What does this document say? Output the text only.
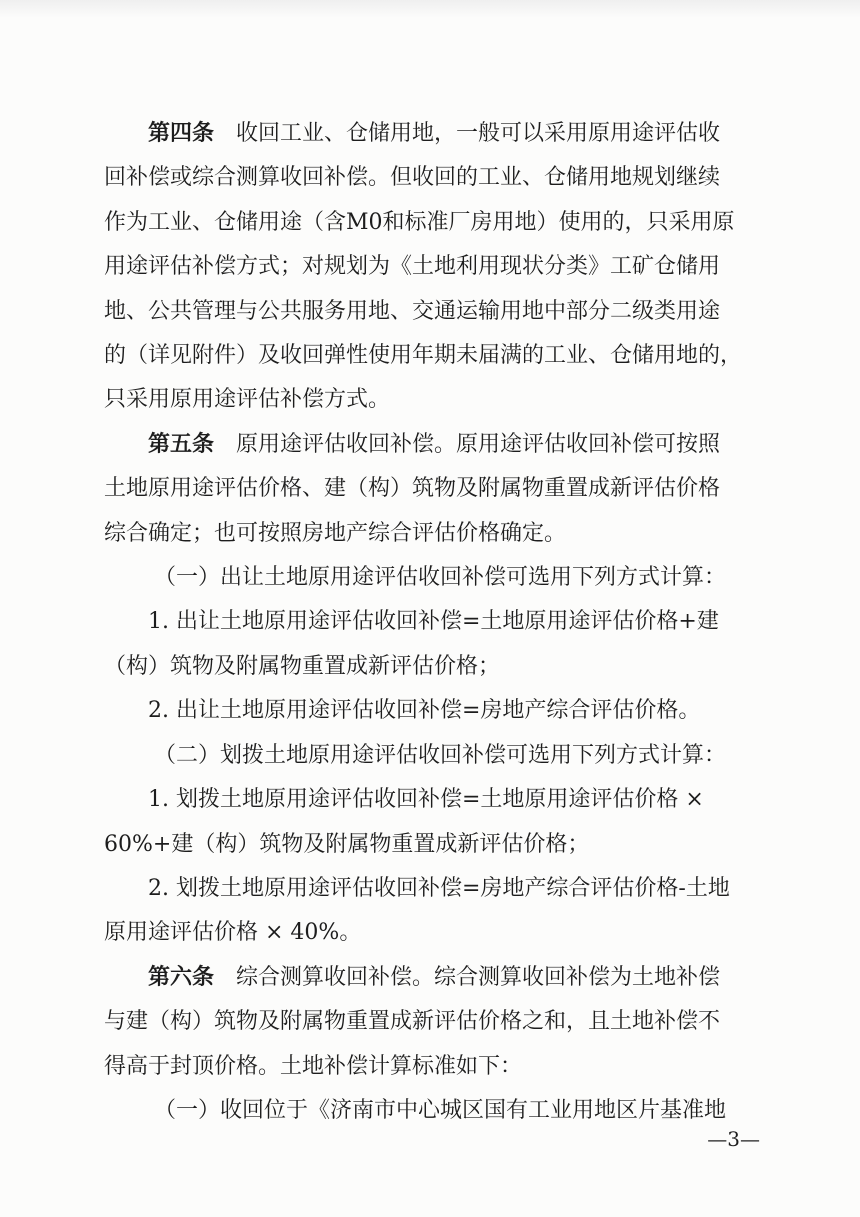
第四条 收回工业、仓储用地，一般可以采用原用途评估收
回补偿或综合测算收回补偿。但收回的工业、仓储用地规划继续
作为工业、仓储用途（含M0和标准厂房用地）使用的，只采用原
用途评估补偿方式；对规划为《土地利用现状分类》工矿仓储用
地、公共管理与公共服务用地、交通运输用地中部分二级类用途
的（详见附件）及收回弹性使用年期未届满的工业、仓储用地的，
只采用原用途评估补偿方式。
第五条 原用途评估收回补偿。原用途评估收回补偿可按照
土地原用途评估价格、建（构）筑物及附属物重置成新评估价格
综合确定；也可按照房地产综合评估价格确定。
（一）出让土地原用途评估收回补偿可选用下列方式计算：
1. 出让土地原用途评估收回补偿=土地原用途评估价格+建
（构）筑物及附属物重置成新评估价格；
2. 出让土地原用途评估收回补偿=房地产综合评估价格。
（二）划拨土地原用途评估收回补偿可选用下列方式计算：
1. 划拨土地原用途评估收回补偿=土地原用途评估价格 ×
60%+建（构）筑物及附属物重置成新评估价格；
2. 划拨土地原用途评估收回补偿=房地产综合评估价格-土地
原用途评估价格 × 40%。
第六条 综合测算收回补偿。综合测算收回补偿为土地补偿
与建（构）筑物及附属物重置成新评估价格之和，且土地补偿不
得高于封顶价格。土地补偿计算标准如下：
（一）收回位于《济南市中心城区国有工业用地区片基准地
—3—
